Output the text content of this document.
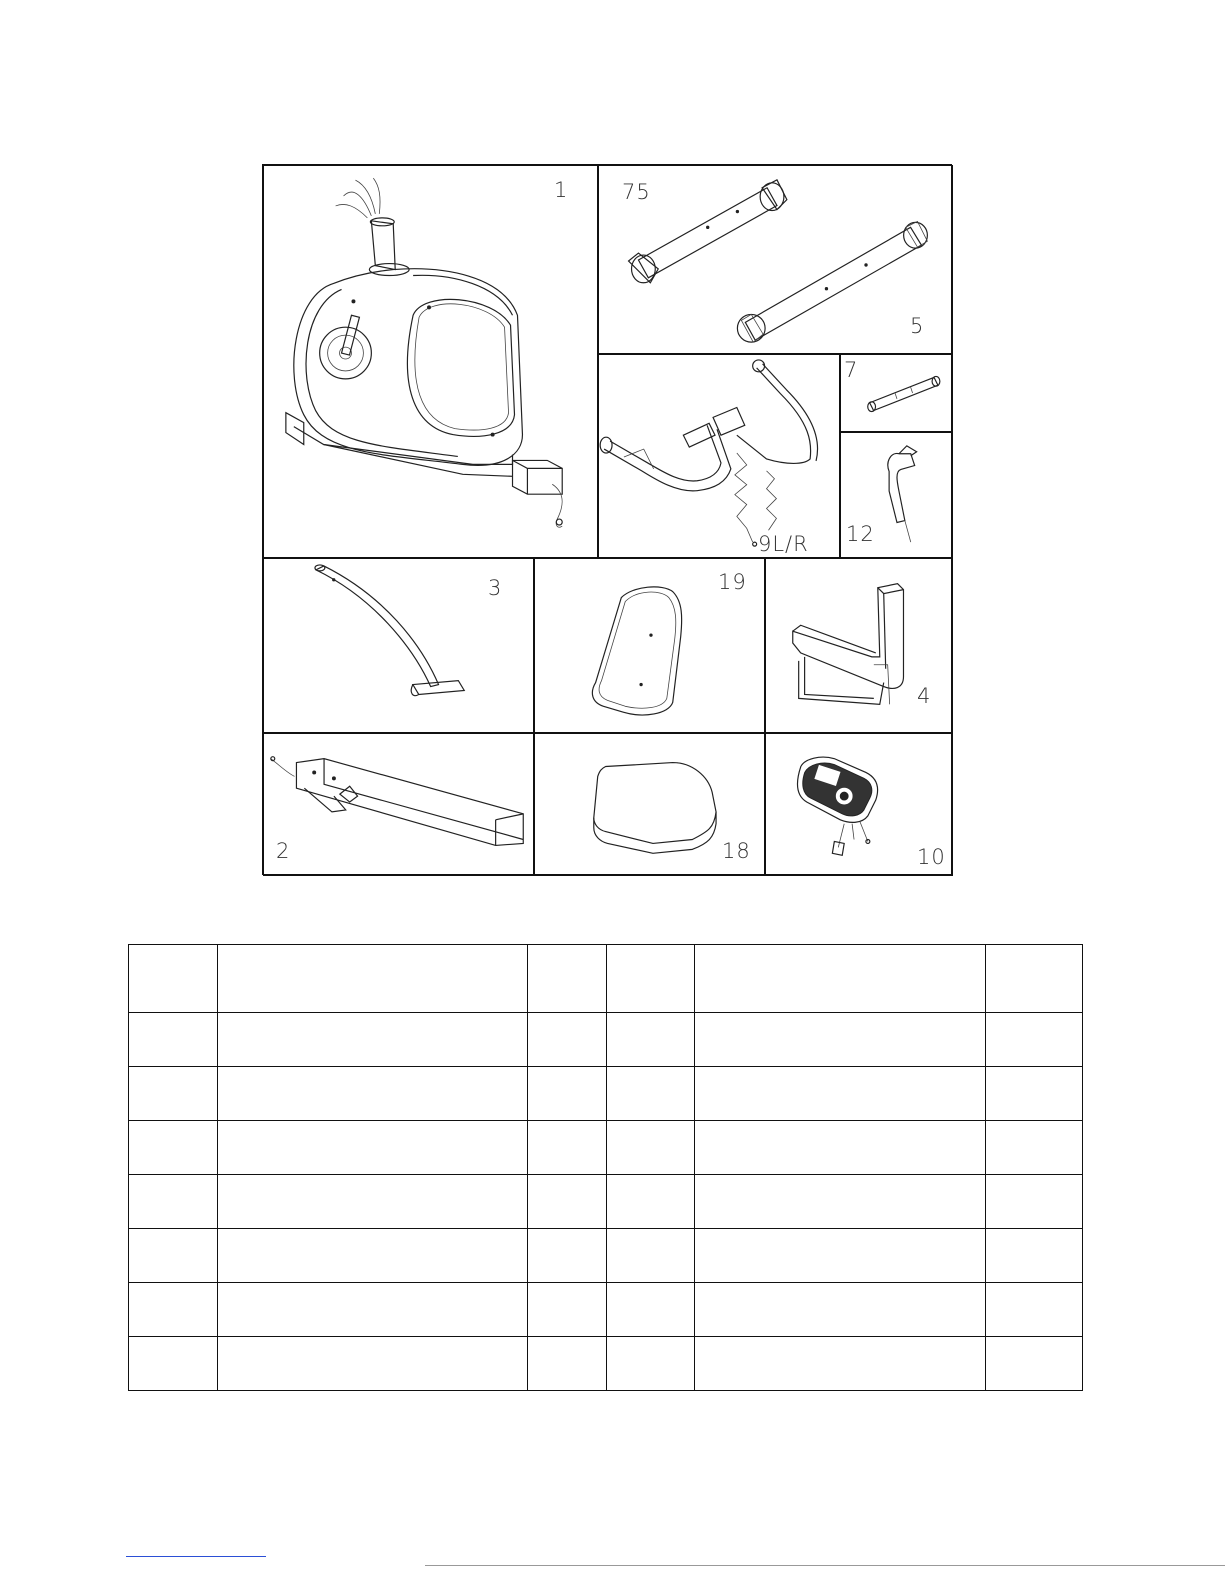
1	75
5
9L/R
7
12
3	19
4
2	18	10
